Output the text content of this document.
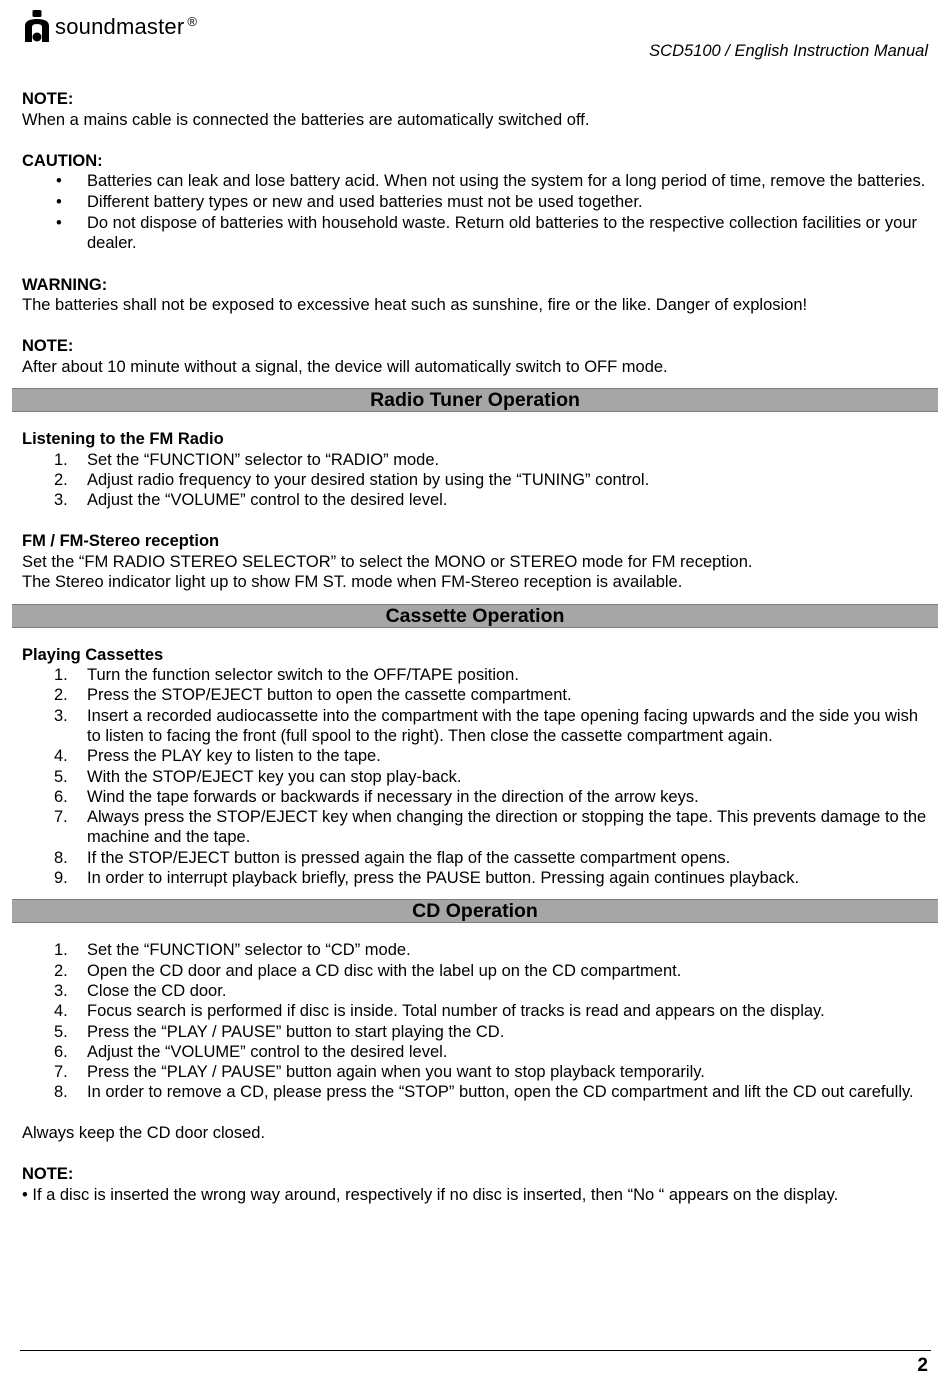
soundmaster ®
SCD5100 / English Instruction Manual
NOTE:
When a mains cable is connected the batteries are automatically switched off.
CAUTION:
• Batteries can leak and lose battery acid. When not using the system for a long period of time, remove the batteries.
• Different battery types or new and used batteries must not be used together.
• Do not dispose of batteries with household waste. Return old batteries to the respective collection facilities or your dealer.
WARNING:
The batteries shall not be exposed to excessive heat such as sunshine, fire or the like. Danger of explosion!
NOTE:
After about 10 minute without a signal, the device will automatically switch to OFF mode.
Radio Tuner Operation
Listening to the FM Radio
1. Set the “FUNCTION” selector to “RADIO” mode.
2. Adjust radio frequency to your desired station by using the “TUNING” control.
3. Adjust the “VOLUME” control to the desired level.
FM / FM-Stereo reception
Set the “FM RADIO STEREO SELECTOR” to select the MONO or STEREO mode for FM reception.
The Stereo indicator light up to show FM ST. mode when FM-Stereo reception is available.
Cassette Operation
Playing Cassettes
1. Turn the function selector switch to the OFF/TAPE position.
2. Press the STOP/EJECT button to open the cassette compartment.
3. Insert a recorded audiocassette into the compartment with the tape opening facing upwards and the side you wish to listen to facing the front (full spool to the right). Then close the cassette compartment again.
4. Press the PLAY key to listen to the tape.
5. With the STOP/EJECT key you can stop play-back.
6. Wind the tape forwards or backwards if necessary in the direction of the arrow keys.
7. Always press the STOP/EJECT key when changing the direction or stopping the tape. This prevents damage to the machine and the tape.
8. If the STOP/EJECT button is pressed again the flap of the cassette compartment opens.
9. In order to interrupt playback briefly, press the PAUSE button. Pressing again continues playback.
CD Operation
1. Set the “FUNCTION” selector to “CD” mode.
2. Open the CD door and place a CD disc with the label up on the CD compartment.
3. Close the CD door.
4. Focus search is performed if disc is inside. Total number of tracks is read and appears on the display.
5. Press the “PLAY / PAUSE” button to start playing the CD.
6. Adjust the “VOLUME” control to the desired level.
7. Press the “PLAY / PAUSE” button again when you want to stop playback temporarily.
8. In order to remove a CD, please press the “STOP” button, open the CD compartment and lift the CD out carefully.
Always keep the CD door closed.
NOTE:
• If a disc is inserted the wrong way around, respectively if no disc is inserted, then “No “ appears on the display.
2
